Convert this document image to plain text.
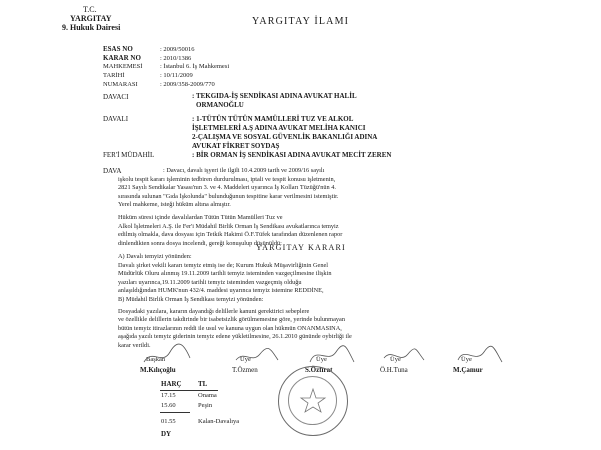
T.C.
YARGITAY
9. Hukuk Dairesi
YARGITAY İLAMI
ESAS NO	: 2009/50016
KARAR NO	: 2010/1386
MAHKEMESİ	: İstanbul 6. İş Mahkemesi
TARİHİ	: 10/11/2009
NUMARASI	: 2009/358-2009/770
DAVACI	: TEKGIDA-İŞ SENDİKASI ADINA AVUKAT HALİL
ORMANOĞLU
DAVALI	: 1-TÜTÜN TÜTÜN MAMÜLLERİ TUZ VE ALKOL
İŞLETMELERİ A.Ş ADINA AVUKAT MELİHA KANICI
2-ÇALIŞMA VE SOSYAL GÜVENLİK BAKANLIĞI ADINA
AVUKAT FİKRET SOYDAŞ
FER'İ MÜDAHİL	: BİR ORMAN İŞ SENDİKASI ADINA AVUKAT MECİT ZEREN
DAVA	: Davacı, davalı işyeri ile ilgili 10.4.2009 tarih ve 2009/16 sayılı
işkolu tespit kararı işleminin tedbiren durdurulması, iptali ve tespit konusu işletmenin,
2821 Sayılı Sendikalar Yasası'nın 3. ve 4. Maddeleri uyarınca İş Kolları Tüzüğü'nün 4.
sırasında sulunan "Gıda İşkolunda" bulunduğunun tespitine karar verilmesini istemiştir.
Yerel mahkeme, isteği hüküm altına almıştır.
Hüküm süresi içinde davalılardan Tütün Tütün Mamülleri Tuz ve
Alkol İşletmeleri A.Ş. ile Fer'i Müdahil Birlik Orman İş Sendikası avukatlarınca temyiz
edilmiş olmakla, dava dosyası için Tetkik Hakimi Ö.F.Tüfek tarafından düzenlenen rapor
dinlendikten sonra dosya incelendi, gereği konuşulup düşünüldü:
YARGITAY KARARI
A) Davalı temyizi yönünden:
Davalı şirket vekili kararı temyiz etmiş ise de; Kurum Hukuk Müşavirliğinin Genel
Müdürlük Oluru alınmış 19.11.2009 tarihli temyiz isteminden vazgeçilmesine ilişkin
yazıları uyarınca,19.11.2009 tarihli temyiz isteminden vazgeçmiş olduğu
anlaşıldığından HUMK'nun 432/4. maddesi uyarınca temyiz istemine REDDİNE,
B) Müdahil Birlik Orman İş Sendikası temyizi yönünden:
Dosyadaki yazılara, kararın dayandığı delillerle kanuni gerektirici sebeplere
ve özellikle delillerin takdirinde bir isabetsizlik görülmemesine göre, yerinde bulunmayan
bütün temyiz itirazlarının reddi ile usul ve kanuna uygun olan hükmün ONANMASINA,
aşağıda yazılı temyiz giderinin temyiz edene yükletilmesine, 26.1.2010 gününde oybirliği ile
karar verildi.
Başkan
M.Kılıçoğlu
Üye
T.Özmen
Üye
S.Özfırat
Üye
Ö.H.Tuna
Üye
M.Çamur
HARÇ TL
17.15	Onama
15.60	Peşin
01.55	Kalan-Davalıya
DY
